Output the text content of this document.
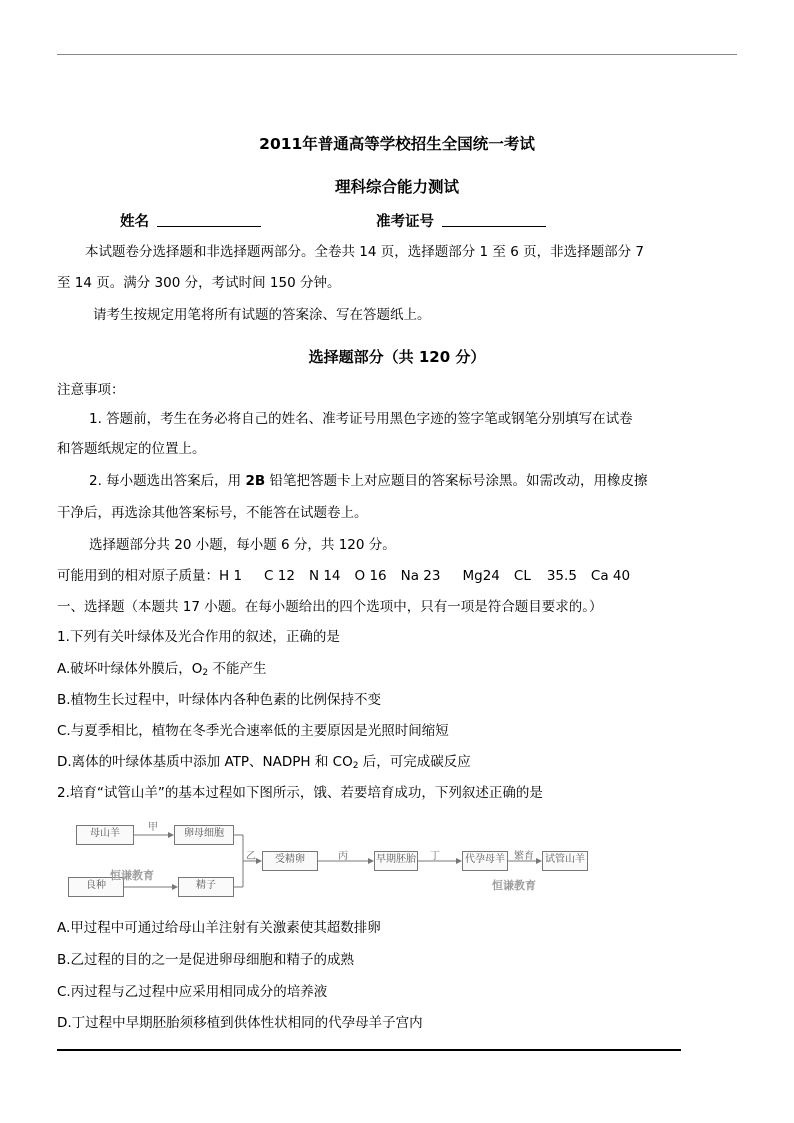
2011年普通高等学校招生全国统一考试
理科综合能力测试
姓名	准考证号
本试题卷分选择题和非选择题两部分。全卷共 14 页，选择题部分 1 至 6 页，非选择题部分 7
至 14 页。满分 300 分，考试时间 150 分钟。
请考生按规定用笔将所有试题的答案涂、写在答题纸上。
选择题部分（共 120 分）
注意事项：
1. 答题前，考生在务必将自己的姓名、准考证号用黑色字迹的签字笔或钢笔分别填写在试卷
和答题纸规定的位置上。
2. 每小题选出答案后，用 2B 铅笔把答题卡上对应题目的答案标号涂黑。如需改动，用橡皮擦
干净后，再选涂其他答案标号，不能答在试题卷上。
选择题部分共 20 小题，每小题 6 分，共 120 分。
可能用到的相对原子质量：H 1 C 12 N 14 O 16 Na 23 Mg24 CL 35.5 Ca 40
一、选择题（本题共 17 小题。在每小题给出的四个选项中，只有一项是符合题目要求的。）
1.下列有关叶绿体及光合作用的叙述，正确的是
A.破坏叶绿体外膜后，$O_2$ 不能产生
B.植物生长过程中，叶绿体内各种色素的比例保持不变
C.与夏季相比，植物在冬季光合速率低的主要原因是光照时间缩短
D.离体的叶绿体基质中添加 ATP、NADPH 和 $CO_2$ 后，可完成碳反应
2.培育“试管山羊”的基本过程如下图所示，饿、若要培育成功，下列叙述正确的是
母山羊	卵母细胞
良种	精子
受精卵	早期胚胎	代孕母羊	试管山羊
甲
乙	丙	丁	繁育
恒谦教育
恒谦教育
A.甲过程中可通过给母山羊注射有关激素使其超数排卵
B.乙过程的目的之一是促进卵母细胞和精子的成熟
C.丙过程与乙过程中应采用相同成分的培养液
D.丁过程中早期胚胎须移植到供体性状相同的代孕母羊子宫内
